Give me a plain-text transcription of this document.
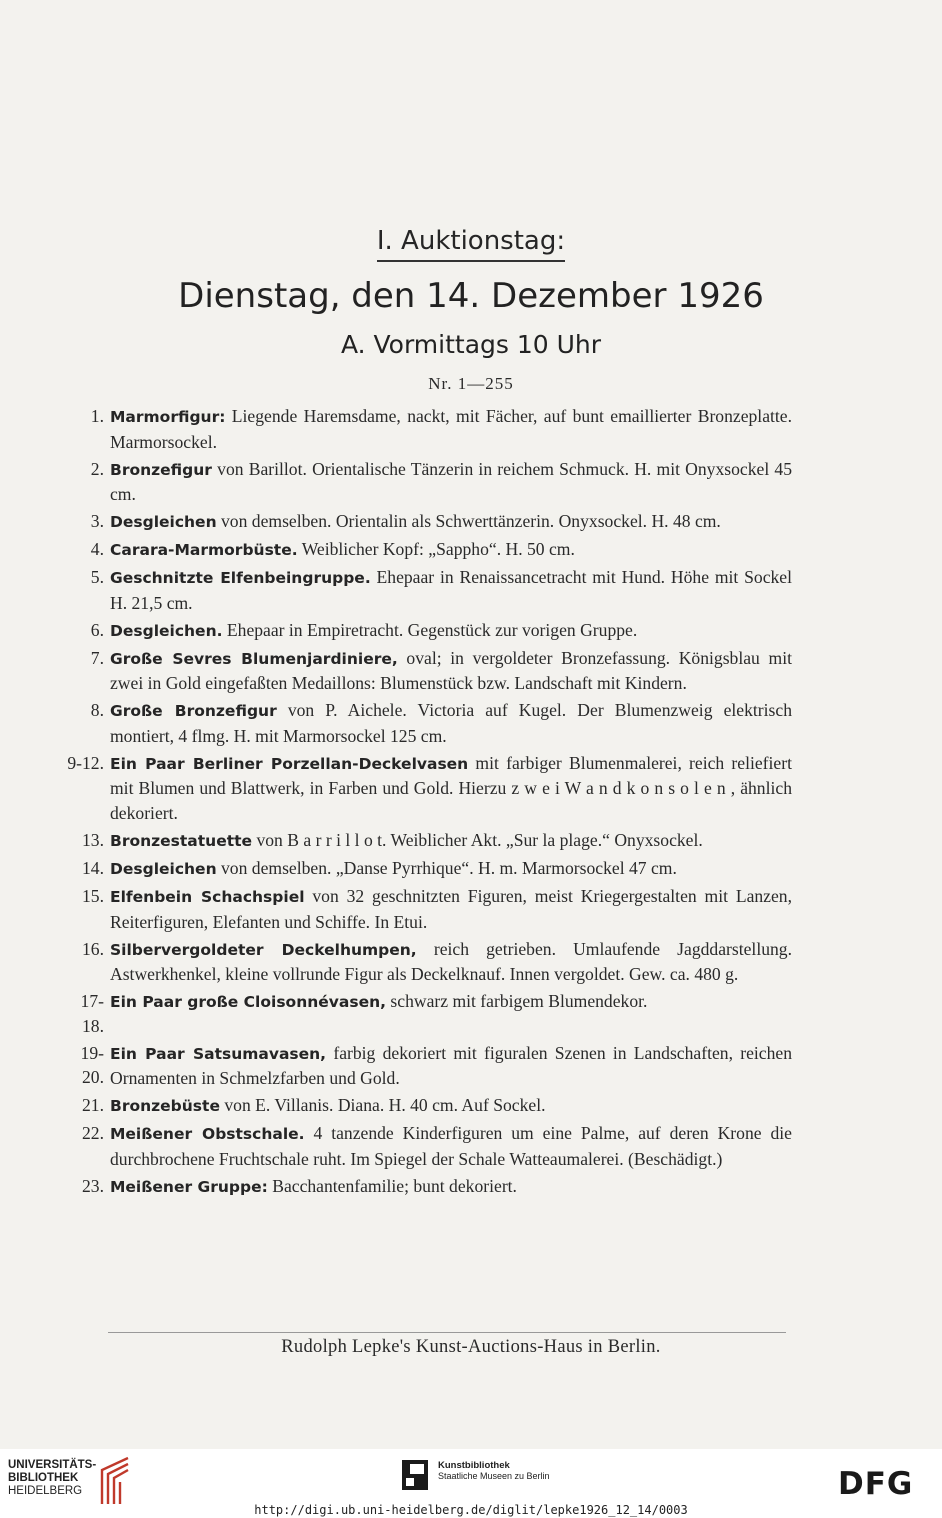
I. Auktionstag:
Dienstag, den 14. Dezember 1926
A. Vormittags 10 Uhr
Nr. 1—255
1. Marmorfigur: Liegende Haremsdame, nackt, mit Fächer, auf bunt emaillierter Bronzeplatte. Marmorsockel.
2. Bronzefigur von Barillot. Orientalische Tänzerin in reichem Schmuck. H. mit Onyxsockel 45 cm.
3. Desgleichen von demselben. Orientalin als Schwerttänzerin. Onyxsockel. H. 48 cm.
4. Carara-Marmorbüste. Weiblicher Kopf: „Sappho“. H. 50 cm.
5. Geschnitzte Elfenbeingruppe. Ehepaar in Renaissancetracht mit Hund. Höhe mit Sockel H. 21,5 cm.
6. Desgleichen. Ehepaar in Empiretracht. Gegenstück zur vorigen Gruppe.
7. Große Sevres Blumenjardiniere, oval; in vergoldeter Bronzefassung. Königsblau mit zwei in Gold eingefaßten Medaillons: Blumenstück bzw. Landschaft mit Kindern.
8. Große Bronzefigur von P. Aichele. Victoria auf Kugel. Der Blumenzweig elektrisch montiert, 4 flmg. H. mit Marmorsockel 125 cm.
9-12. Ein Paar Berliner Porzellan-Deckelvasen mit farbiger Blumenmalerei, reich reliefiert mit Blumen und Blattwerk, in Farben und Gold. Hierzu z w e i W a n d k o n s o l e n , ähnlich dekoriert.
13. Bronzestatuette von B a r r i l l o t. Weiblicher Akt. „Sur la plage.“ Onyxsockel.
14. Desgleichen von demselben. „Danse Pyrrhique“. H. m. Marmorsockel 47 cm.
15. Elfenbein Schachspiel von 32 geschnitzten Figuren, meist Kriegergestalten mit Lanzen, Reiterfiguren, Elefanten und Schiffe. In Etui.
16. Silbervergoldeter Deckelhumpen, reich getrieben. Umlaufende Jagddarstellung. Astwerkhenkel, kleine vollrunde Figur als Deckelknauf. Innen vergoldet. Gew. ca. 480 g.
17-18.
Ein Paar große Cloisonnévasen, schwarz mit farbigem Blumendekor.
19-20.
Ein Paar Satsumavasen, farbig dekoriert mit figuralen Szenen in Landschaften, reichen Ornamenten in Schmelzfarben und Gold.
21. Bronzebüste von E. Villanis. Diana. H. 40 cm. Auf Sockel.
22. Meißener Obstschale. 4 tanzende Kinderfiguren um eine Palme, auf deren Krone die durchbrochene Fruchtschale ruht. Im Spiegel der Schale Watteaumalerei. (Beschädigt.)
23. Meißener Gruppe: Bacchantenfamilie; bunt dekoriert.
Rudolph Lepke's Kunst-Auctions-Haus in Berlin.
UNIVERSITÄTS-
BIBLIOTHEK
HEIDELBERG
Kunstbibliothek
Staatliche Museen zu Berlin	DFG
http://digi.ub.uni-heidelberg.de/diglit/lepke1926_12_14/0003
